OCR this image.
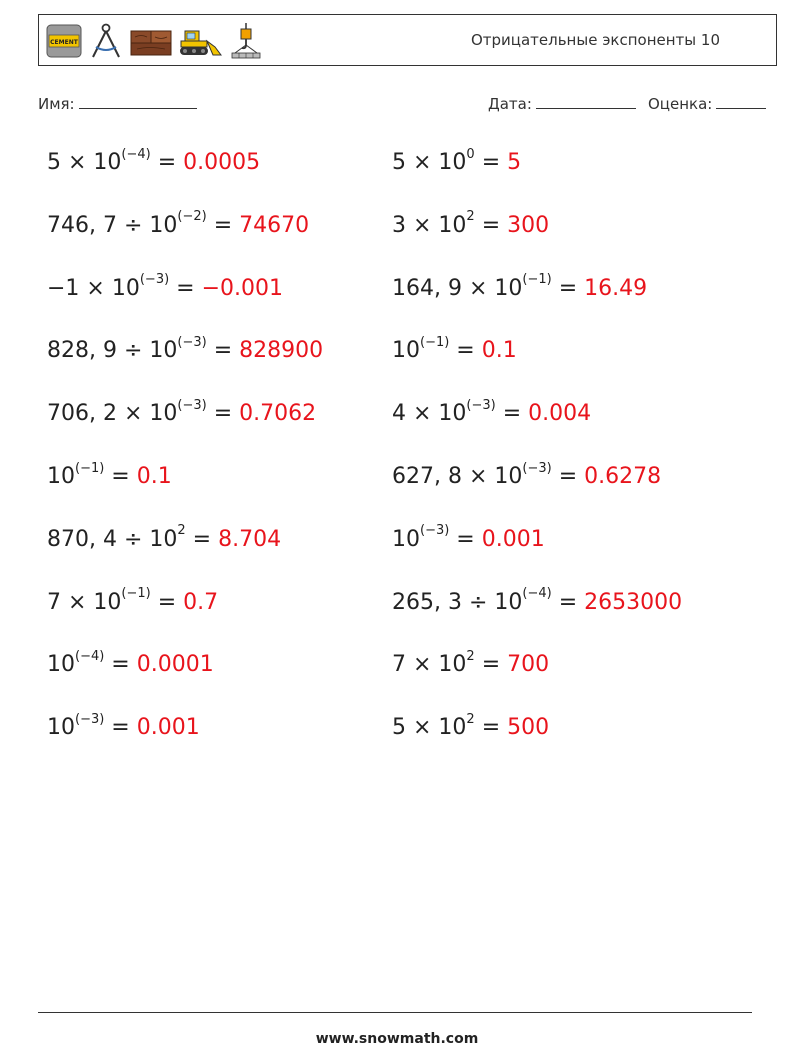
CEMENT	Отрицательные экспоненты 10
Имя:	Дата:	Оценка:
$5 \times 10^{(-4)} = 0.0005$
746, $7 \div 10^{(-2)} = 74670$
$-1 \times 10^{(-3)} = -0.001$
828, $9 \div 10^{(-3)} = 828900$
706, $2 \times 10^{(-3)} = 0.7062$
$10^{(-1)} = 0.1$
870, $4 \div 10^2 = 8.704$
$7 \times 10^{(-1)} = 0.7$
$10^{(-4)} = 0.0001$
$10^{(-3)} = 0.001$
$5 \times 10^0 = 5$
$3 \times 10^2 = 300$
164, $9 \times 10^{(-1)} = 16.49$
$10^{(-1)} = 0.1$
$4 \times 10^{(-3)} = 0.004$
627, $8 \times 10^{(-3)} = 0.6278$
$10^{(-3)} = 0.001$
265, $3 \div 10^{(-4)} = 2653000$
$7 \times 10^2 = 700$
$5 \times 10^2 = 500$
www.snowmath.com
